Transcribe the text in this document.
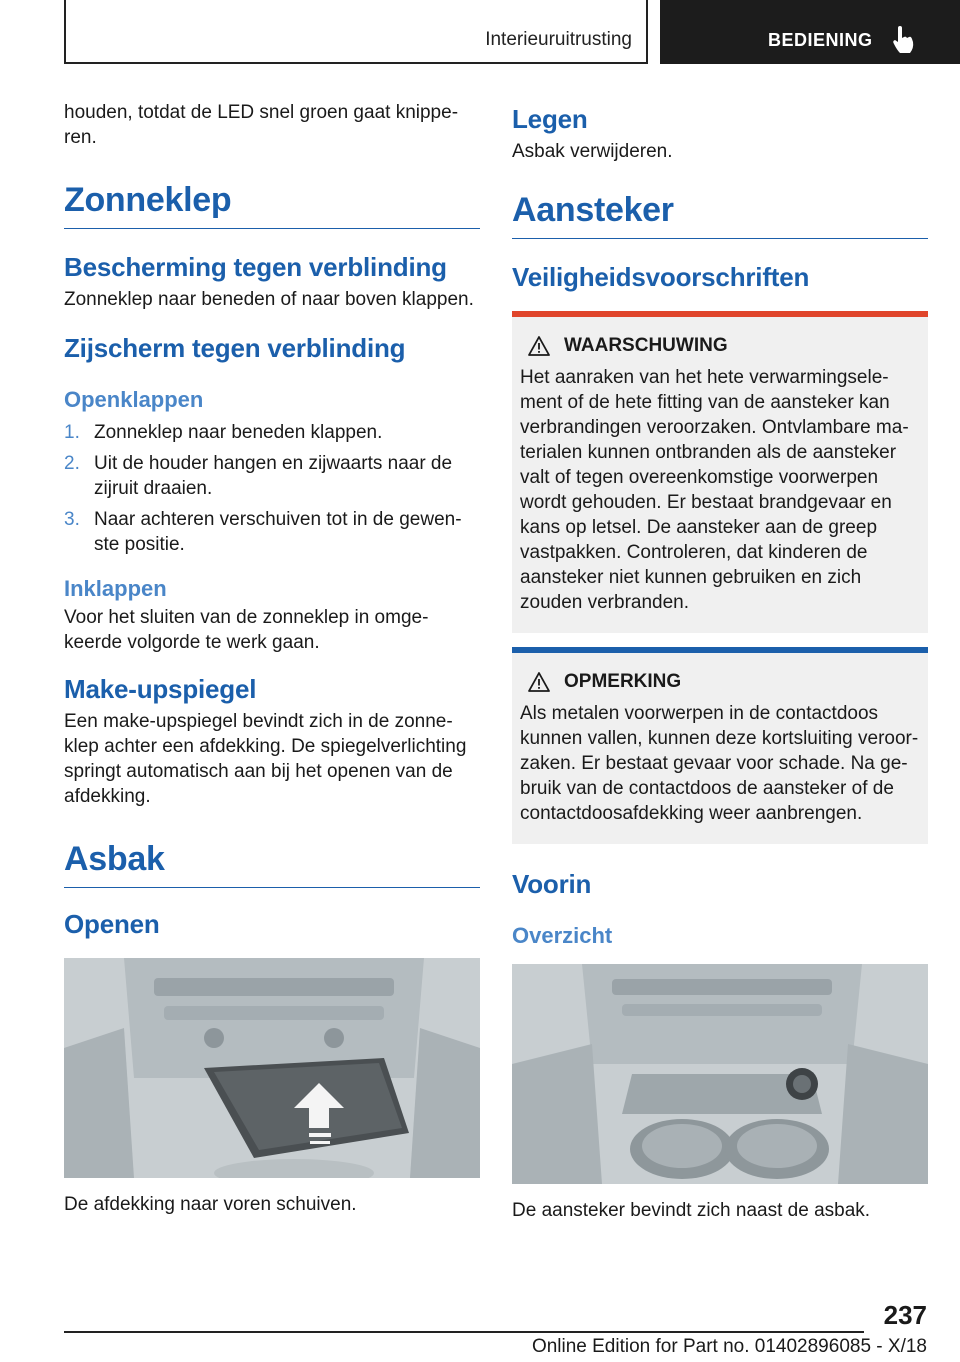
Interieuruitrusting	BEDIENING

houden, totdat de LED snel groen gaat knipperen.

Zonneklep
Bescherming tegen verblinding

Zonneklep naar beneden of naar boven klappen.

Zijscherm tegen verblinding
Openklappen
1. Zonneklep naar beneden klappen.
2. Uit de houder hangen en zijwaarts naar de zijruit draaien.
3. Naar achteren verschuiven tot in de gewenste positie.
Inklappen

Voor het sluiten van de zonneklep in omgekeerde volgorde te werk gaan.

Make-upspiegel

Een make-upspiegel bevindt zich in de zonneklep achter een afdekking. De spiegelverlichting springt automatisch aan bij het openen van de afdekking.

Asbak
Openen

De afdekking naar voren schuiven.

Legen

Asbak verwijderen.

Aansteker
Veiligheidsvoorschriften
WAARSCHUWING

Het aanraken van het hete verwarmingselement of de hete fitting van de aansteker kan verbrandingen veroorzaken. Ontvlambare materialen kunnen ontbranden als de aansteker valt of tegen overeenkomstige voorwerpen wordt gehouden. Er bestaat brandgevaar en kans op letsel. De aansteker aan de greep vastpakken. Controleren, dat kinderen de aansteker niet kunnen gebruiken en zich zouden verbranden.

OPMERKING

Als metalen voorwerpen in de contactdoos kunnen vallen, kunnen deze kortsluiting veroorzaken. Er bestaat gevaar voor schade. Na gebruik van de contactdoos de aansteker of de contactdoosafdekking weer aanbrengen.

Voorin
Overzicht

De aansteker bevindt zich naast de asbak.

237
Online Edition for Part no. 01402896085 - X/18
